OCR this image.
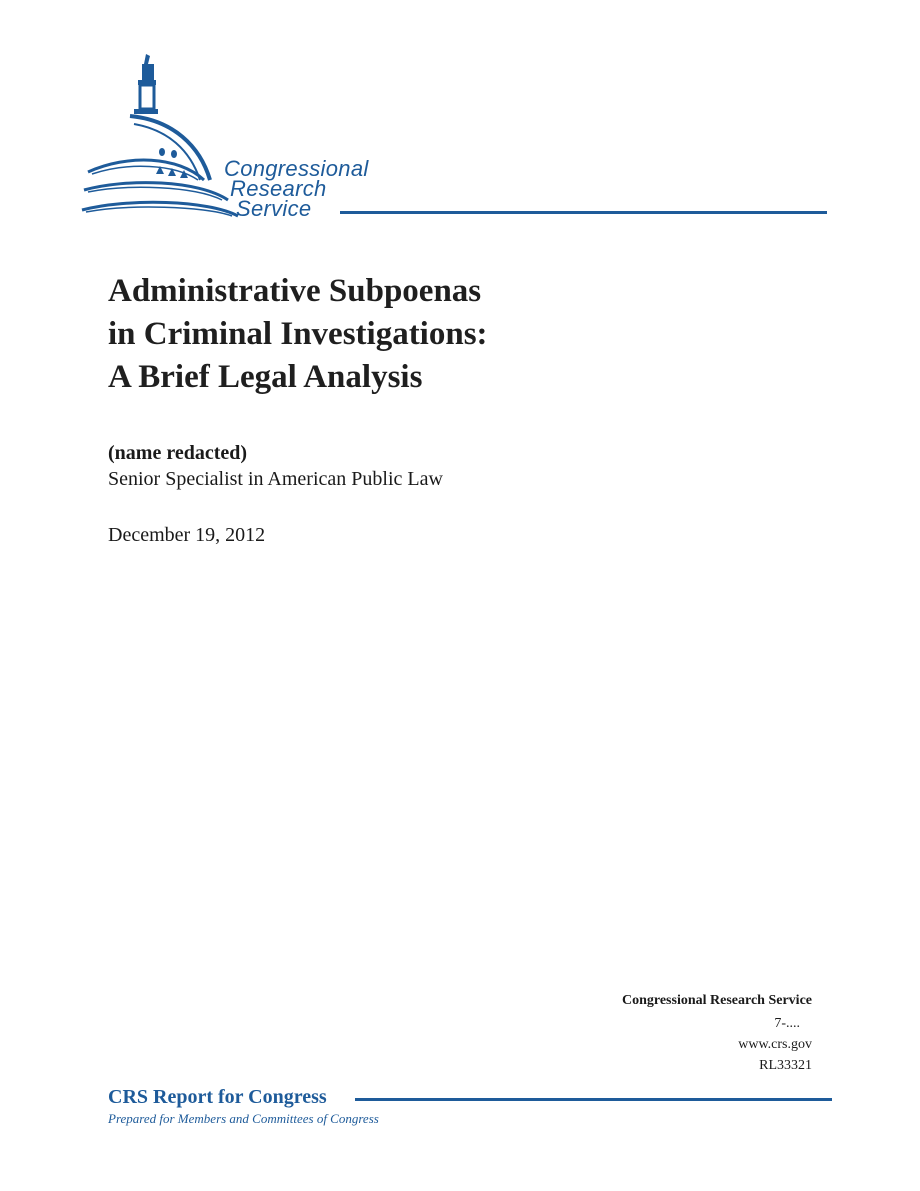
Congressional
Research
Service
Administrative Subpoenas
in Criminal Investigations:
A Brief Legal Analysis
(name redacted)
Senior Specialist in American Public Law
December 19, 2012
Congressional Research Service
7-....
www.crs.gov
RL33321
CRS Report for Congress
Prepared for Members and Committees of Congress
